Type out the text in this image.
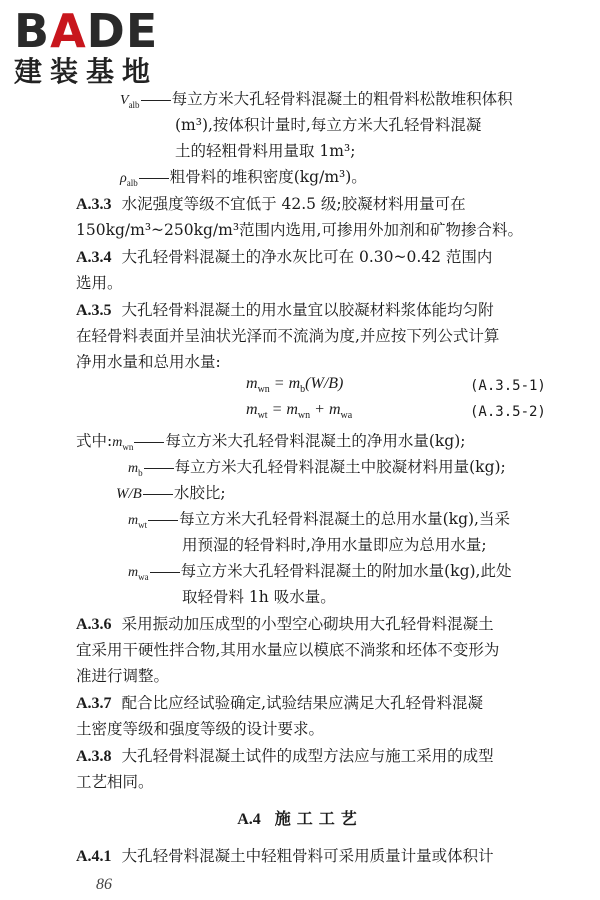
BADE
建装基地
$V_{alb}$ 每立方米大孔轻骨料混凝土的粗骨料松散堆积体积
(m³),按体积计量时,每立方米大孔轻骨料混凝
土的轻粗骨料用量取 1m³;
$\rho_{alb}$ 粗骨料的堆积密度(kg/m³)。
A.3.3 水泥强度等级不宜低于 42.5 级;胶凝材料用量可在
150kg/m³~250kg/m³范围内选用,可掺用外加剂和矿物掺合料。
A.3.4 大孔轻骨料混凝土的净水灰比可在 0.30~0.42 范围内
选用。
A.3.5 大孔轻骨料混凝土的用水量宜以胶凝材料浆体能均匀附
在轻骨料表面并呈油状光泽而不流淌为度,并应按下列公式计算
净用水量和总用水量:
$m_{wn} = m_b(W/B)$	(A.3.5-1)
$m_{wt} = m_{wn} + m_{wa}$	(A.3.5-2)
式中$:m_{wn}$ 每立方米大孔轻骨料混凝土的净用水量(kg);
$m_b$ 每立方米大孔轻骨料混凝土中胶凝材料用量(kg);
W/B 水胶比;
$m_{wt}$ 每立方米大孔轻骨料混凝土的总用水量(kg),当采
用预湿的轻骨料时,净用水量即应为总用水量;
$m_{wa}$ 每立方米大孔轻骨料混凝土的附加水量(kg),此处
取轻骨料 1h 吸水量。
A.3.6 采用振动加压成型的小型空心砌块用大孔轻骨料混凝土
宜采用干硬性拌合物,其用水量应以模底不淌浆和坯体不变形为
准进行调整。
A.3.7 配合比应经试验确定,试验结果应满足大孔轻骨料混凝
土密度等级和强度等级的设计要求。
A.3.8 大孔轻骨料混凝土试件的成型方法应与施工采用的成型
工艺相同。
A.4 施工工艺
A.4.1 大孔轻骨料混凝土中轻粗骨料可采用质量计量或体积计
86
